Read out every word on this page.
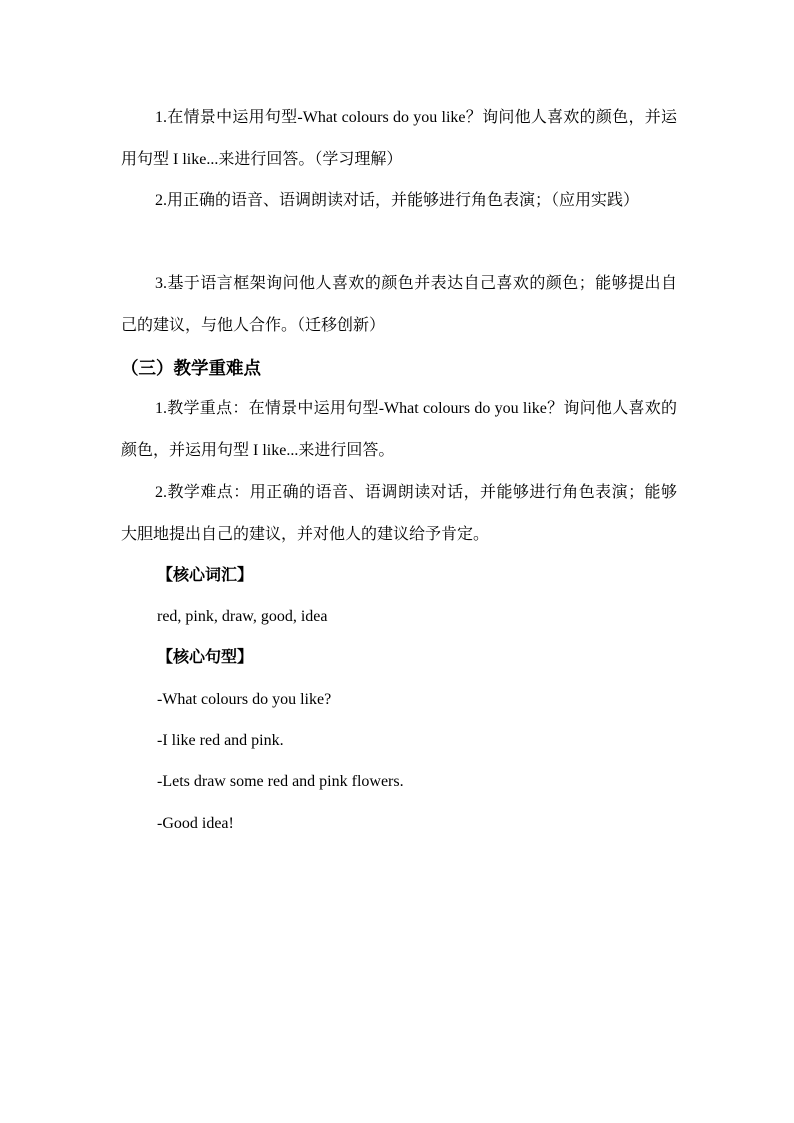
1.在情景中运用句型-What colours do you like？询问他人喜欢的颜色，并运用句型 I like...来进行回答。（学习理解）

2.用正确的语音、语调朗读对话，并能够进行角色表演；（应用实践）

3.基于语言框架询问他人喜欢的颜色并表达自己喜欢的颜色；能够提出自己的建议，与他人合作。（迁移创新）

（三）教学重难点

1.教学重点：在情景中运用句型-What colours do you like？询问他人喜欢的颜色，并运用句型 I like...来进行回答。

2.教学难点：用正确的语音、语调朗读对话，并能够进行角色表演；能够大胆地提出自己的建议，并对他人的建议给予肯定。

【核心词汇】

red, pink, draw, good, idea

【核心句型】

-What colours do you like?

-I like red and pink.

-Lets draw some red and pink flowers.

-Good idea!
